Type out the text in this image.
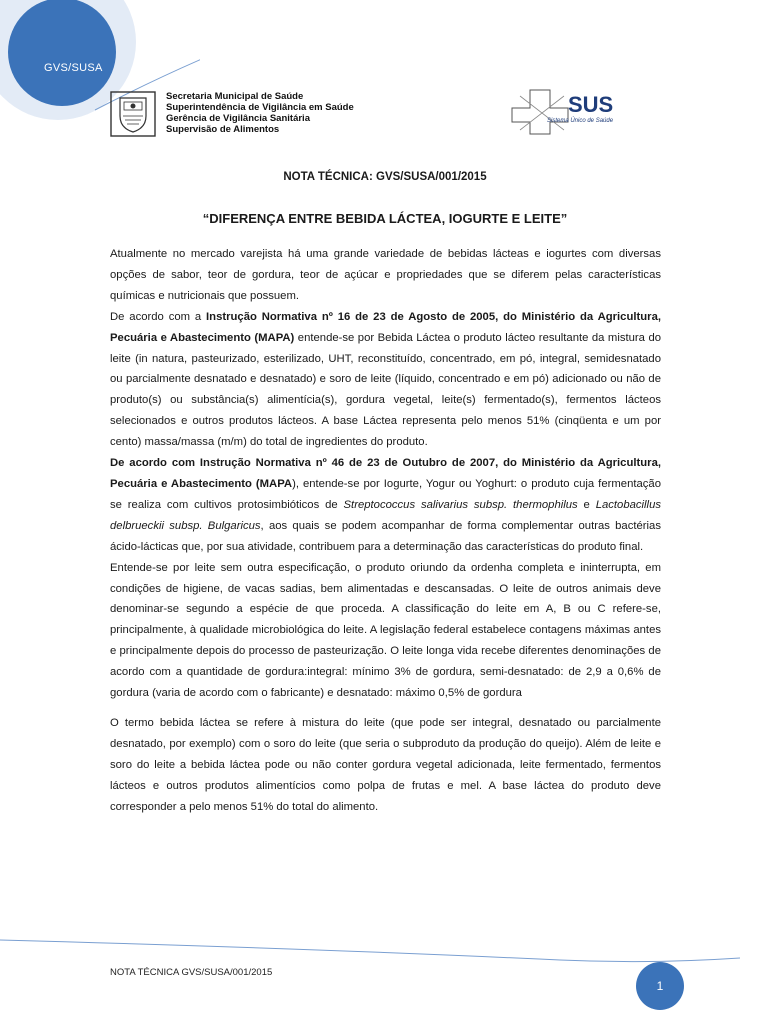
GVS/SUSA
Secretaria Municipal de Saúde
Superintendência de Vigilância em Saúde
Gerência de Vigilância Sanitária
Supervisão de Alimentos
SUS
Sistema Único de Saúde
NOTA TÉCNICA: GVS/SUSA/001/2015
“DIFERENÇA ENTRE BEBIDA LÁCTEA, IOGURTE E LEITE”

Atualmente no mercado varejista há uma grande variedade de bebidas lácteas e iogurtes com diversas opções de sabor, teor de gordura, teor de açúcar e propriedades que se diferem pelas características químicas e nutricionais que possuem.

De acordo com a Instrução Normativa nº 16 de 23 de Agosto de 2005, do Ministério da Agricultura, Pecuária e Abastecimento (MAPA) entende-se por Bebida Láctea o produto lácteo resultante da mistura do leite (in natura, pasteurizado, esterilizado, UHT, reconstituído, concentrado, em pó, integral, semidesnatado ou parcialmente desnatado e desnatado) e soro de leite (líquido, concentrado e em pó) adicionado ou não de produto(s) ou substância(s) alimentícia(s), gordura vegetal, leite(s) fermentado(s), fermentos lácteos selecionados e outros produtos lácteos. A base Láctea representa pelo menos 51% (cinqüenta e um por cento) massa/massa (m/m) do total de ingredientes do produto.

De acordo com Instrução Normativa nº 46 de 23 de Outubro de 2007, do Ministério da Agricultura, Pecuária e Abastecimento (MAPA), entende-se por Iogurte, Yogur ou Yoghurt: o produto cuja fermentação se realiza com cultivos protosimbióticos de Streptococcus salivarius subsp. thermophilus e Lactobacillus delbrueckii subsp. Bulgaricus, aos quais se podem acompanhar de forma complementar outras bactérias ácido-lácticas que, por sua atividade, contribuem para a determinação das características do produto final.

Entende-se por leite sem outra especificação, o produto oriundo da ordenha completa e ininterrupta, em condições de higiene, de vacas sadias, bem alimentadas e descansadas. O leite de outros animais deve denominar-se segundo a espécie de que proceda. A classificação do leite em A, B ou C refere-se, principalmente, à qualidade microbiológica do leite. A legislação federal estabelece contagens máximas antes e principalmente depois do processo de pasteurização. O leite longa vida recebe diferentes denominações de acordo com a quantidade de gordura:integral: mínimo 3% de gordura, semi-desnatado: de 2,9 a 0,6% de gordura (varia de acordo com o fabricante) e desnatado: máximo 0,5% de gordura

O termo bebida láctea se refere à mistura do leite (que pode ser integral, desnatado ou parcialmente desnatado, por exemplo) com o soro do leite (que seria o subproduto da produção do queijo). Além de leite e soro do leite a bebida láctea pode ou não conter gordura vegetal adicionada, leite fermentado, fermentos lácteos e outros produtos alimentícios como polpa de frutas e mel. A base láctea do produto deve corresponder a pelo menos 51% do total do alimento.

NOTA TÉCNICA GVS/SUSA/001/2015
1
